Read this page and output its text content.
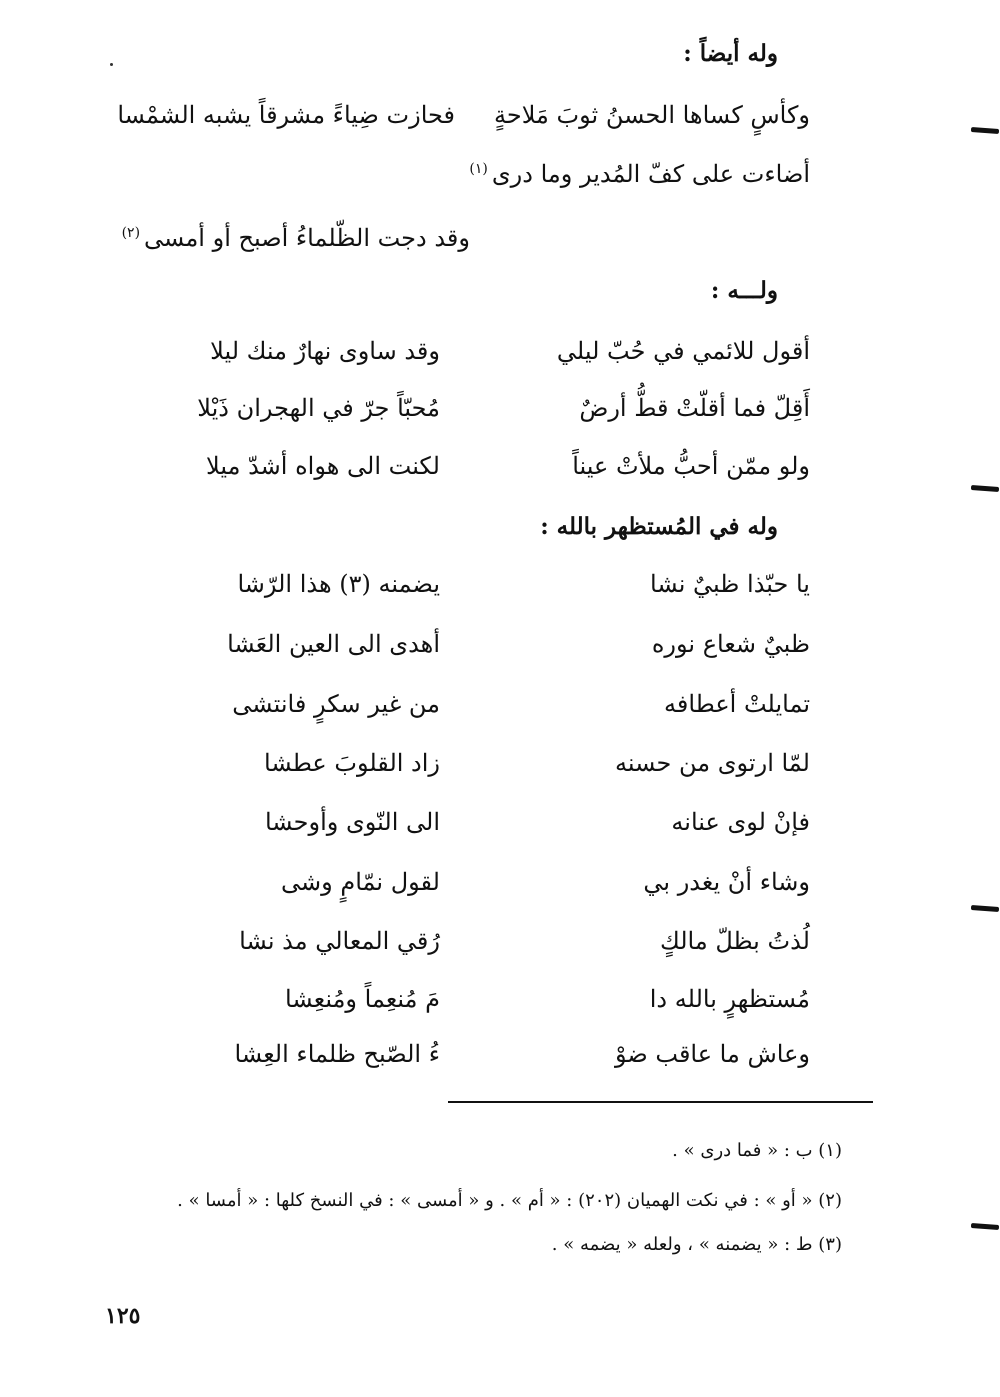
وله أيضاً :
وكأسٍ كساها الحسنُ ثوبَ مَلاحةٍ
فحازت ضِياءً مشرقاً يشبه الشمْسا
أضاءت على كفّ المُدير وما درى$^{(١)}$
وقد دجت الظّلماءُ أصبح أو أمسى$^{(٢)}$
ولـــه :
أقول للائمي في حُبّ ليلي
وقد ساوى نهارٌ منك ليلا
أَقِلّ فما أقلّتْ قطُّ أرضٌ
مُحبّاً جرّ في الهجران ذَيْلا
ولو ممّن أحبُّ ملأتْ عيناً
لكنت الى هواه أشدّ ميلا
وله في المُستظهر بالله :
يا حبّذا ظبيٌ نشا
يضمنه (٣) هذا الرّشا
ظبيٌ شعاع نوره
أهدى الى العين العَشا
تمايلتْ أعطافه
من غير سكرٍ فانتشى
لمّا ارتوى من حسنه
زاد القلوبَ عطشا
فإنْ لوى عنانه
الى النّوى وأوحشا
وشاء أنْ يغدر بي
لقول نمّامٍ وشى
لُذتُ بظلّ مالكٍ
رُقي المعالي مذ نشا
مُستظهرٍ بالله دا
مَ مُنعِماً ومُنعِشا
وعاش ما عاقب ضوْ
ءُ الصّبح ظلماء العِشا
(١) ب : « فما درى » .
(٢) « أو » : في نكت الهميان (٢٠٢) : « أم » . و « أمسى » : في النسخ كلها : « أمسا » .
(٣) ط : « يضمنه » ، ولعله « يضمه » .
١٢٥
